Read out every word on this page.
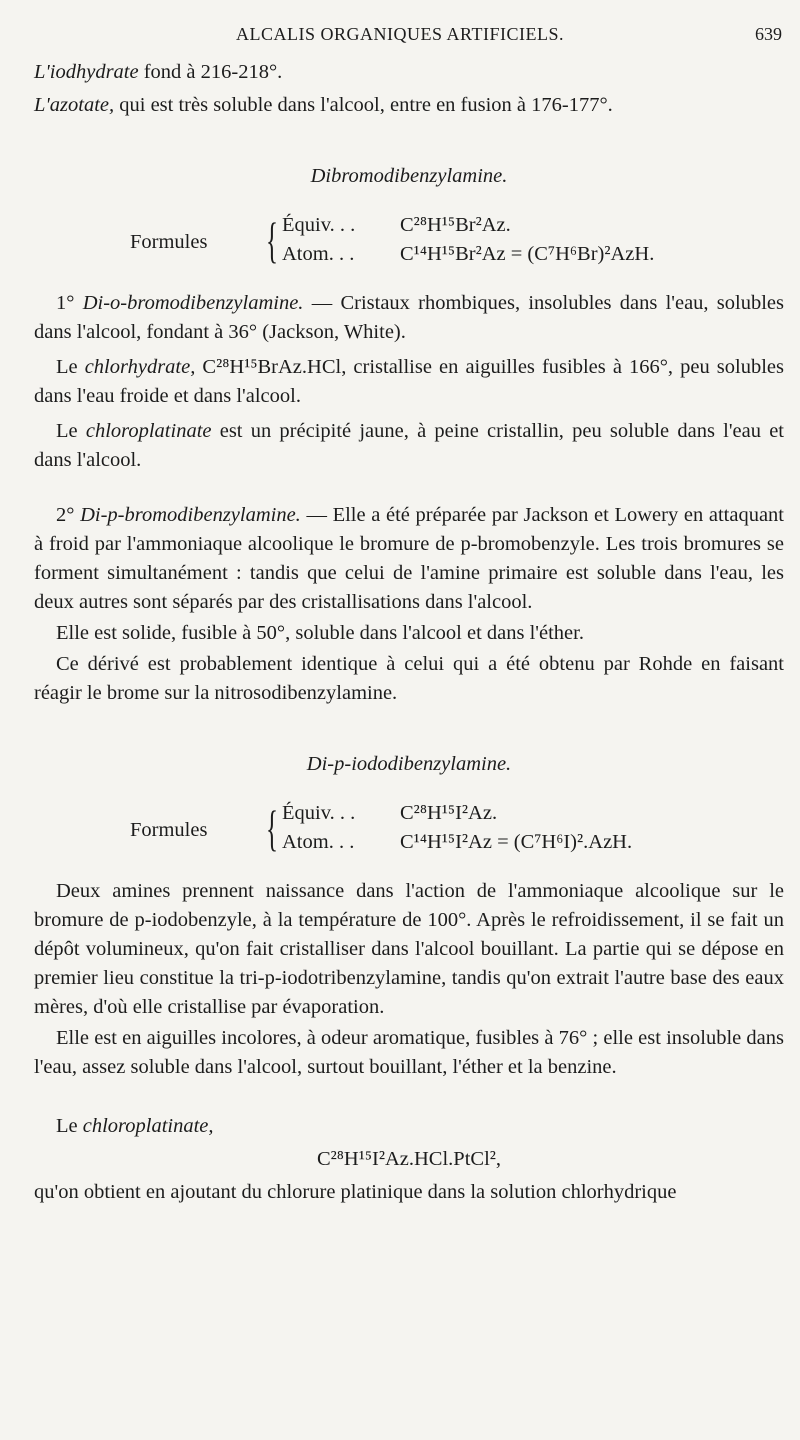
ALCALIS ORGANIQUES ARTIFICIELS.	639

L'iodhydrate fond à 216-218°.

L'azotate, qui est très soluble dans l'alcool, entre en fusion à 176-177°.

Dibromodibenzylamine.
Formules { Équiv. . . C²⁸H¹⁵Br²Az.
Atom. . . C¹⁴H¹⁵Br²Az = (C⁷H⁶Br)²AzH.

1° Di-o-bromodibenzylamine. — Cristaux rhombiques, insolubles dans l'eau, solubles dans l'alcool, fondant à 36° (Jackson, White).

Le chlorhydrate, C²⁸H¹⁵BrAz.HCl, cristallise en aiguilles fusibles à 166°, peu solubles dans l'eau froide et dans l'alcool.

Le chloroplatinate est un précipité jaune, à peine cristallin, peu soluble dans l'eau et dans l'alcool.

2° Di-p-bromodibenzylamine. — Elle a été préparée par Jackson et Lowery en attaquant à froid par l'ammoniaque alcoolique le bromure de p-bromobenzyle. Les trois bromures se forment simultanément : tandis que celui de l'amine primaire est soluble dans l'eau, les deux autres sont séparés par des cristallisations dans l'alcool.

Elle est solide, fusible à 50°, soluble dans l'alcool et dans l'éther.

Ce dérivé est probablement identique à celui qui a été obtenu par Rohde en faisant réagir le brome sur la nitrosodibenzylamine.

Di-p-iododibenzylamine.
Formules { Équiv. . . C²⁸H¹⁵I²Az.
Atom. . . C¹⁴H¹⁵I²Az = (C⁷H⁶I)².AzH.

Deux amines prennent naissance dans l'action de l'ammoniaque alcoolique sur le bromure de p-iodobenzyle, à la température de 100°. Après le refroidissement, il se fait un dépôt volumineux, qu'on fait cristalliser dans l'alcool bouillant. La partie qui se dépose en premier lieu constitue la tri-p-iodotribenzylamine, tandis qu'on extrait l'autre base des eaux mères, d'où elle cristallise par évaporation.

Elle est en aiguilles incolores, à odeur aromatique, fusibles à 76° ; elle est insoluble dans l'eau, assez soluble dans l'alcool, surtout bouillant, l'éther et la benzine.

Le chloroplatinate,

C²⁸H¹⁵I²Az.HCl.PtCl²,

qu'on obtient en ajoutant du chlorure platinique dans la solution chlorhydrique
